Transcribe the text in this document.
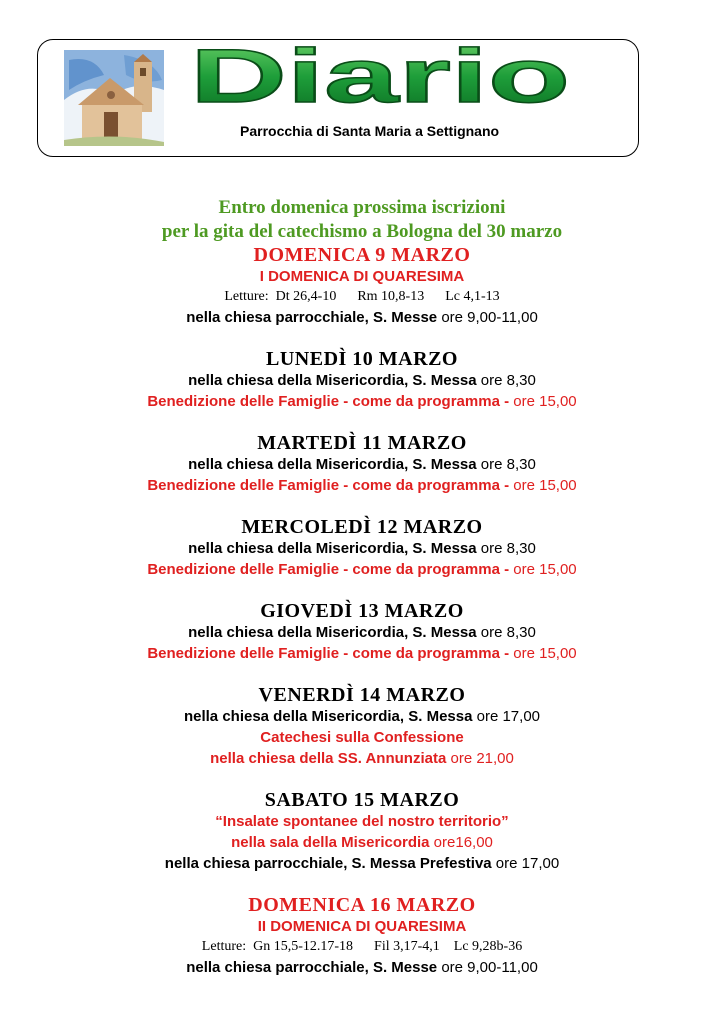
Diario
Parrocchia di Santa Maria a Settignano
Entro domenica prossima iscrizioni
per la gita del catechismo a Bologna del 30 marzo
DOMENICA 9 MARZO
I DOMENICA DI QUARESIMA
Letture:  Dt 26,4-10      Rm 10,8-13      Lc 4,1-13
nella chiesa parrocchiale, S. Messe ore 9,00-11,00
LUNEDÌ 10 MARZO
nella chiesa della Misericordia, S. Messa ore 8,30
Benedizione delle Famiglie - come da programma - ore 15,00
MARTEDÌ 11 MARZO
nella chiesa della Misericordia, S. Messa ore 8,30
Benedizione delle Famiglie - come da programma - ore 15,00
MERCOLEDÌ 12 MARZO
nella chiesa della Misericordia, S. Messa ore 8,30
Benedizione delle Famiglie - come da programma - ore 15,00
GIOVEDÌ 13 MARZO
nella chiesa della Misericordia, S. Messa ore 8,30
Benedizione delle Famiglie - come da programma - ore 15,00
VENERDÌ 14 MARZO
nella chiesa della Misericordia, S. Messa ore 17,00
Catechesi sulla Confessione
nella chiesa della SS. Annunziata ore 21,00
SABATO 15 MARZO
“Insalate spontanee del nostro territorio”
nella sala della Misericordia ore16,00
nella chiesa parrocchiale, S. Messa Prefestiva ore 17,00
DOMENICA 16 MARZO
II DOMENICA DI QUARESIMA
Letture:  Gn 15,5-12.17-18      Fil 3,17-4,1    Lc 9,28b-36
nella chiesa parrocchiale, S. Messe ore 9,00-11,00
